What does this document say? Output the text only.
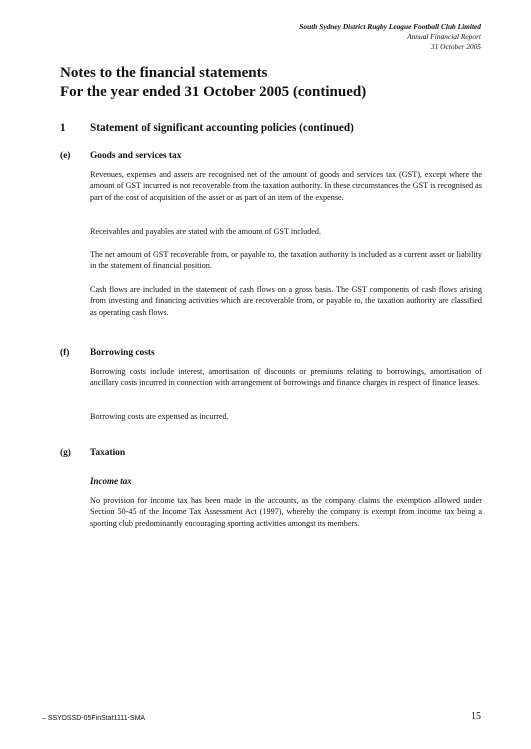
South Sydney District Rugby League Football Club Limited
Annual Financial Report
31 October 2005
Notes to the financial statements
For the year ended 31 October 2005 (continued)
1 Statement of significant accounting policies (continued)
(e) Goods and services tax

Revenues, expenses and assets are recognised net of the amount of goods and services tax (GST), except where the amount of GST incurred is not recoverable from the taxation authority. In these circumstances the GST is recognised as part of the cost of acquisition of the asset or as part of an item of the expense.

Receivables and payables are stated with the amount of GST included.

The net amount of GST recoverable from, or payable to, the taxation authority is included as a current asset or liability in the statement of financial position.

Cash flows are included in the statement of cash flows on a gross basis. The GST components of cash flows arising from investing and financing activities which are recoverable from, or payable to, the taxation authority are classified as operating cash flows.

(f) Borrowing costs

Borrowing costs include interest, amortisation of discounts or premiums relating to borrowings, amortisation of ancillary costs incurred in connection with arrangement of borrowings and finance charges in respect of finance leases.

Borrowing costs are expensed as incurred.

(g) Taxation
Income tax

No provision for income tax has been made in the accounts, as the company claims the exemption allowed under Section 50-45 of the Income Tax Assessment Act (1997), whereby the company is exempt from income tax being a sporting club predominantly encouraging sporting activities amongst its members.

– SSYDSSD-05FinStat1111-SMA	15
